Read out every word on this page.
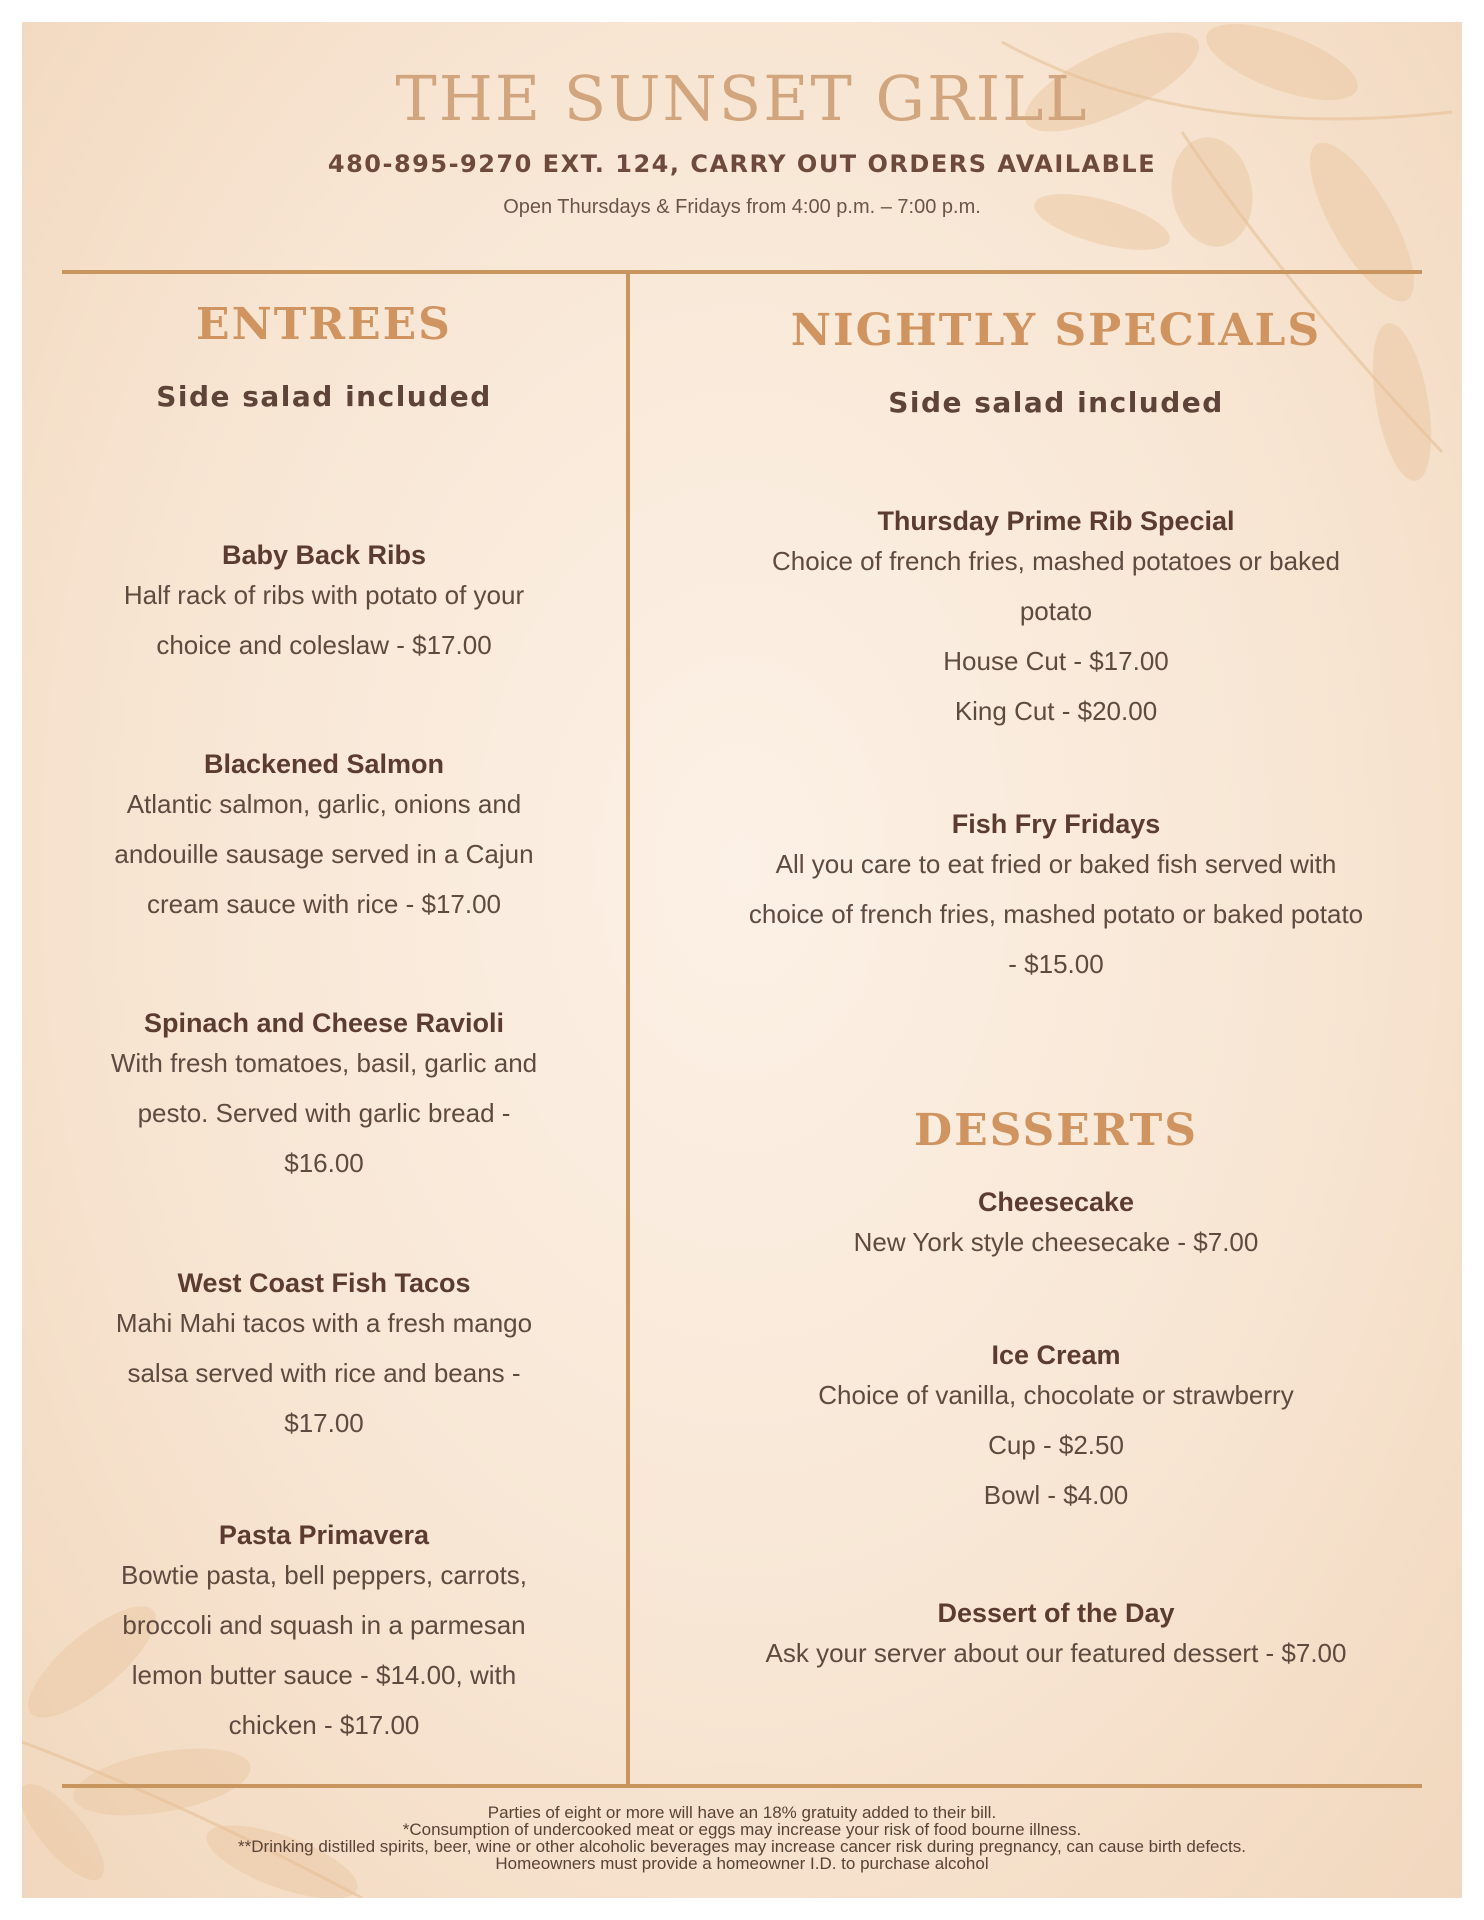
THE SUNSET GRILL
480-895-9270 EXT. 124, CARRY OUT ORDERS AVAILABLE
Open Thursdays & Fridays from 4:00 p.m. – 7:00 p.m.
ENTREES
Side salad included
Baby Back Ribs
Half rack of ribs with potato of your
choice and coleslaw - $17.00
Blackened Salmon
Atlantic salmon, garlic, onions and
andouille sausage served in a Cajun
cream sauce with rice - $17.00
Spinach and Cheese Ravioli
With fresh tomatoes, basil, garlic and
pesto. Served with garlic bread -
$16.00
West Coast Fish Tacos
Mahi Mahi tacos with a fresh mango
salsa served with rice and beans -
$17.00
Pasta Primavera
Bowtie pasta, bell peppers, carrots,
broccoli and squash in a parmesan
lemon butter sauce - $14.00, with
chicken - $17.00
NIGHTLY SPECIALS
Side salad included
Thursday Prime Rib Special
Choice of french fries, mashed potatoes or baked
potato
House Cut - $17.00
King Cut - $20.00
Fish Fry Fridays
All you care to eat fried or baked fish served with
choice of french fries, mashed potato or baked potato
- $15.00
DESSERTS
Cheesecake
New York style cheesecake - $7.00
Ice Cream
Choice of vanilla, chocolate or strawberry
Cup - $2.50
Bowl - $4.00
Dessert of the Day
Ask your server about our featured dessert - $7.00
Parties of eight or more will have an 18% gratuity added to their bill.
*Consumption of undercooked meat or eggs may increase your risk of food bourne illness.
**Drinking distilled spirits, beer, wine or other alcoholic beverages may increase cancer risk during pregnancy, can cause birth defects.
Homeowners must provide a homeowner I.D. to purchase alcohol
